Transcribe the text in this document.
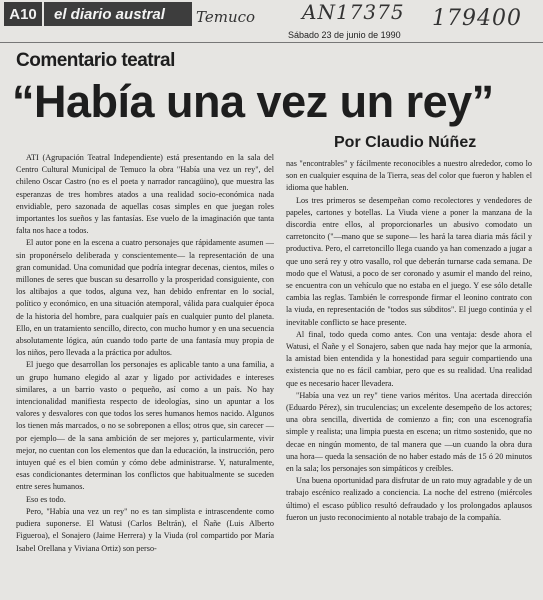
A10	el diario austral Temuco AN17375 179400
Sábado 23 de junio de 1990
Comentario teatral
“Había una vez un rey”
Por Claudio Núñez

ATI (Agrupación Teatral Independiente) está presentando en la sala del Centro Cultural Municipal de Temuco la obra "Había una vez un rey", del chileno Oscar Castro (no es el poeta y narrador rancagüino), que muestra las esperanzas de tres hombres atados a una realidad socio-económica nada envidiable, pero sazonada de aquellas cosas simples en que juegan roles importantes los sueños y las fantasías. Ese vuelo de la imaginación que tanta falta nos hace a todos.

El autor pone en la escena a cuatro personajes que rápidamente asumen —sin proponérselo deliberada y conscientemente— la representación de una gran comunidad. Una comunidad que podría integrar decenas, cientos, miles o millones de seres que buscan su desarrollo y la prosperidad consiguiente, con los altibajos a que todos, alguna vez, han debido enfrentar en lo social, político y económico, en una situación atemporal, válida para cualquier época de la historia del hombre, para cualquier país en cualquier punto del planeta. Ello, en un tratamiento sencillo, directo, con mucho humor y en una secuencia absolutamente lógica, aún cuando todo parte de una fantasía muy propia de los niños, pero llevada a la práctica por adultos.

El juego que desarrollan los personajes es aplicable tanto a una familia, a un grupo humano elegido al azar y ligado por actividades e intereses similares, a un barrio vasto o pequeño, así como a un país. No hay intencionalidad manifiesta respecto de ideologías, sino un apuntar a los valores y desvalores con que todos los seres humanos hemos nacido. Algunos los tienen más marcados, o no se sobreponen a ellos; otros que, sin carecer —por ejemplo— de la sana ambición de ser mejores y, particularmente, vivir mejor, no cuentan con los elementos que dan la educación, la instrucción, pero intuyen qué es el bien común y cómo debe administrarse. Y, naturalmente, esas condicionantes determinan los conflictos que habitualmente se suceden entre seres humanos.

Eso es todo.

Pero, "Había una vez un rey" no es tan simplista e intrascendente como pudiera suponerse. El Watusi (Carlos Beltrán), el Ñañe (Luis Alberto Figueroa), el Sonajero (Jaime Herrera) y la Viuda (rol compartido por María Isabel Orellana y Viviana Ortiz) son perso-

nas "encontrables" y fácilmente reconocibles a nuestro alrededor, como lo son en cualquier esquina de la Tierra, seas del color que fueron y hablen el idioma que hablen.

Los tres primeros se desempeñan como recolectores y vendedores de papeles, cartones y botellas. La Viuda viene a poner la manzana de la discordia entre ellos, al proporcionarles un abusivo comodato un carretoncito ("—mano que se supone— les hará la tarea diaria más fácil y productiva. Pero, el carretoncillo llega cuando ya han comenzado a jugar a que uno será rey y otro vasallo, rol que deberán turnarse cada semana. De modo que el Watusi, a poco de ser coronado y asumir el mando del reino, se encuentra con un vehículo que no estaba en el juego. Y ese sólo detalle cambia las reglas. También le corresponde firmar el leonino contrato con la viuda, en representación de "todos sus súbditos". El juego continúa y el inevitable conflicto se hace presente.

Al final, todo queda como antes. Con una ventaja: desde ahora el Watusi, el Ñañe y el Sonajero, saben que nada hay mejor que la armonía, la amistad bien entendida y la honestidad para seguir compartiendo una existencia que no es fácil cambiar, pero que es su realidad. Una realidad que es necesario hacer llevadera.

"Había una vez un rey" tiene varios méritos. Una acertada dirección (Eduardo Pérez), sin truculencias; un excelente desempeño de los actores; una obra sencilla, divertida de comienzo a fin; con una escenografía simple y realista; una limpia puesta en escena; un ritmo sostenido, que no decae en ningún momento, de tal manera que —un cuando la obra dura una hora— queda la sensación de no haber estado más de 15 ó 20 minutos en la sala; los personajes son simpáticos y creíbles.

Una buena oportunidad para disfrutar de un rato muy agradable y de un trabajo escénico realizado a conciencia. La noche del estreno (miércoles último) el escaso público resultó defraudado y los prolongados aplausos fueron un justo reconocimiento al notable trabajo de la compañía.
